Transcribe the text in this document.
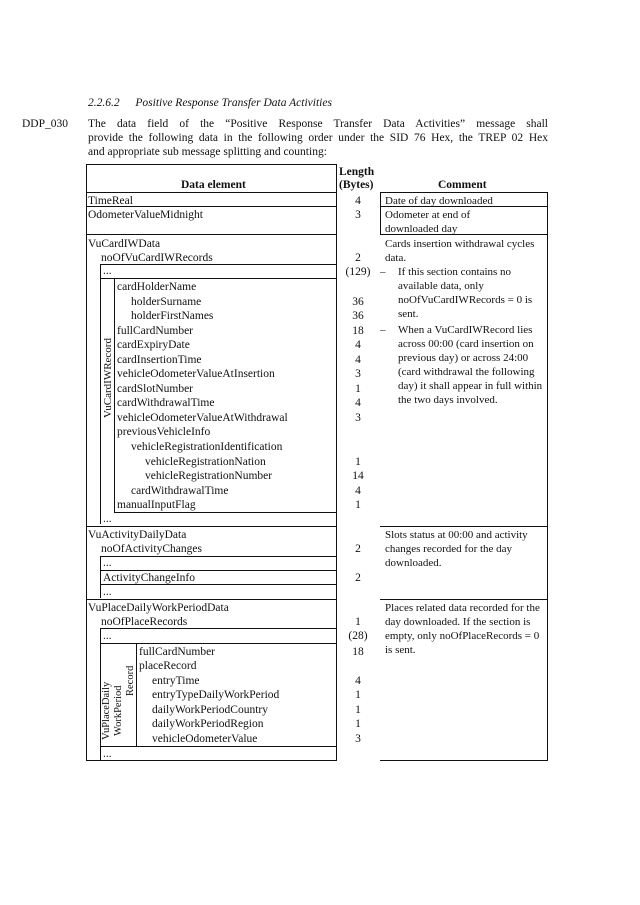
2.2.6.2 Positive Response Transfer Data Activities
DDP_030 The data field of the “Positive Response Transfer Data Activities” message shall
provide the following data in the following order under the SID 76 Hex, the TREP 02 Hex
and appropriate sub message splitting and counting:
Data element
Length
(Bytes)	Comment
TimeReal
OdometerValueMidnight
VuCardIWData
noOfVuCardIWRecords
...
cardHolderName
holderSurname
holderFirstNames
fullCardNumber
cardExpiryDate
cardInsertionTime
vehicleOdometerValueAtInsertion
cardSlotNumber
cardWithdrawalTime
vehicleOdometerValueAtWithdrawal
previousVehicleInfo
vehicleRegistrationIdentification
vehicleRegistrationNation
vehicleRegistrationNumber
cardWithdrawalTime
manualInputFlag
...
VuActivityDailyData
noOfActivityChanges
...
ActivityChangeInfo
...
VuPlaceDailyWorkPeriodData
noOfPlaceRecords
...
fullCardNumber
placeRecord
entryTime
entryTypeDailyWorkPeriod
dailyWorkPeriodCountry
dailyWorkPeriodRegion
vehicleOdometerValue
...
4
3
2
(129)
36
36
18
4
4
3
1
4
3
1
14
4
1
2
2
1
(28)
18
4
1
1
1
3
VuCardIWRecord
VuPlaceDaily WorkPeriod
Record
Date of day downloaded
Odometer at end of downloaded day
Cards insertion withdrawal cycles data.
– If this section contains no available data, only noOfVuCardIWRecords = 0 is sent.
– When a VuCardIWRecord lies across 00:00 (card insertion on previous day) or across 24:00 (card withdrawal the following day) it shall appear in full within the two days involved.
Slots status at 00:00 and activity changes recorded for the day downloaded.
Places related data recorded for the day downloaded. If the section is empty, only noOfPlaceRecords = 0 is sent.
